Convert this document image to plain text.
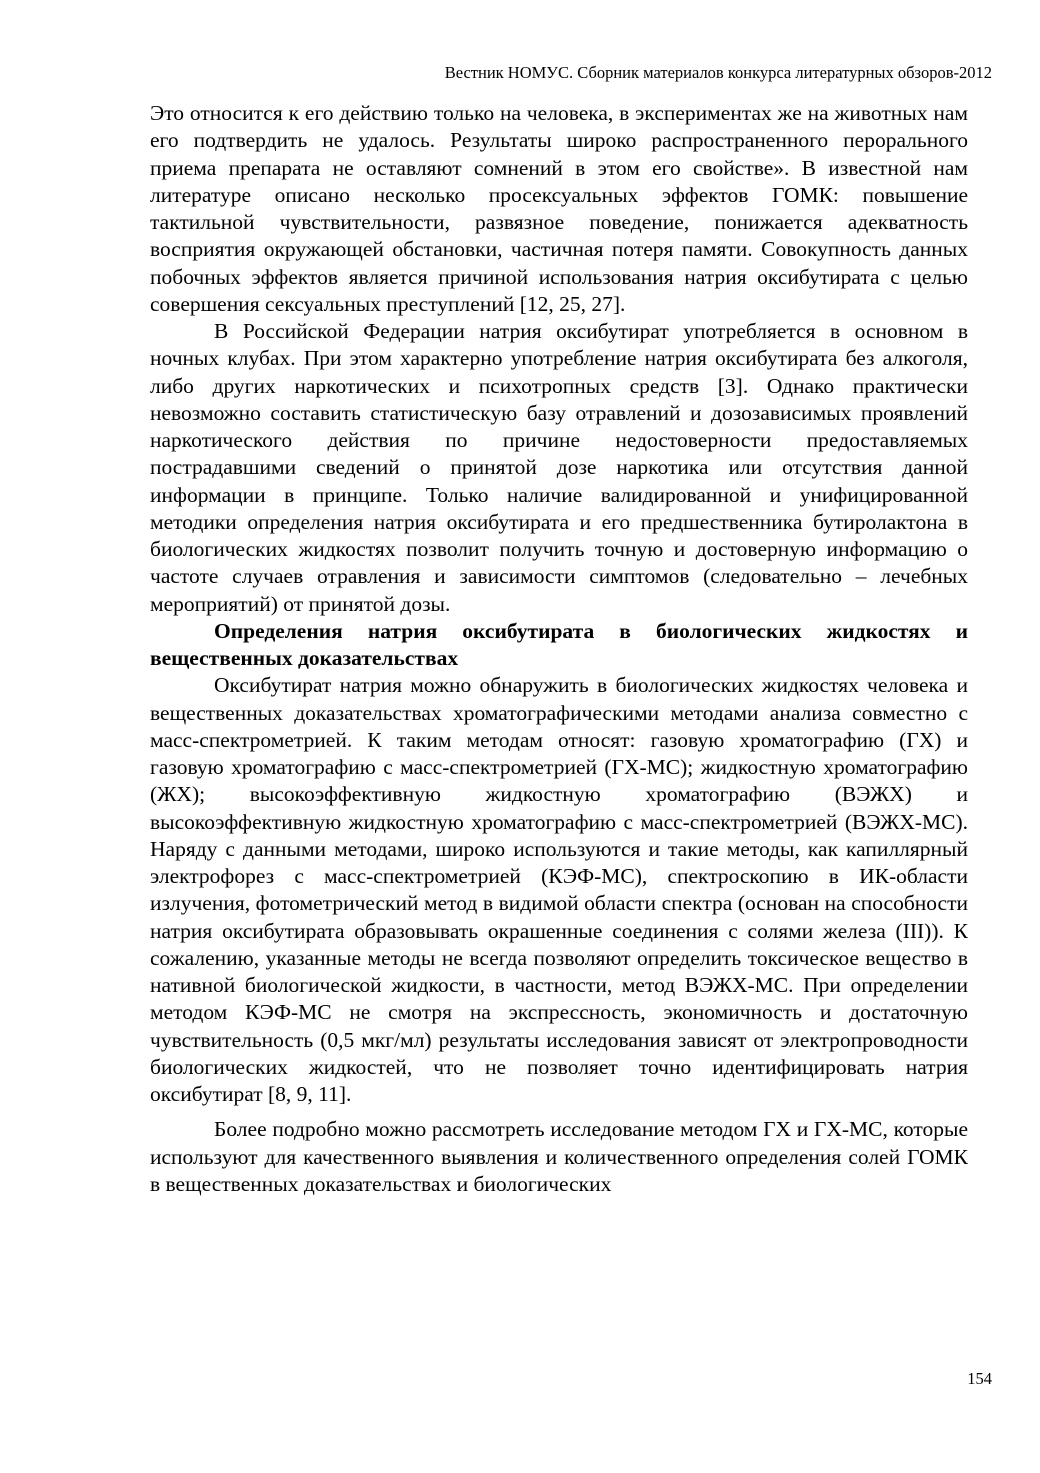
Вестник НОМУС. Сборник материалов конкурса литературных обзоров-2012

Это относится к его действию только на человека, в экспериментах же на животных нам его подтвердить не удалось. Результаты широко распространенного перорального приема препарата не оставляют сомнений в этом его свойстве». В известной нам литературе описано несколько просексуальных эффектов ГОМК: повышение тактильной чувствительности, развязное поведение, понижается адекватность восприятия окружающей обстановки, частичная потеря памяти. Совокупность данных побочных эффектов является причиной использования натрия оксибутирата с целью совершения сексуальных преступлений [12, 25, 27].

В Российской Федерации натрия оксибутират употребляется в основном в ночных клубах. При этом характерно употребление натрия оксибутирата без алкоголя, либо других наркотических и психотропных средств [3]. Однако практически невозможно составить статистическую базу отравлений и дозозависимых проявлений наркотического действия по причине недостоверности предоставляемых пострадавшими сведений о принятой дозе наркотика или отсутствия данной информации в принципе. Только наличие валидированной и унифицированной методики определения натрия оксибутирата и его предшественника бутиролактона в биологических жидкостях позволит получить точную и достоверную информацию о частоте случаев отравления и зависимости симптомов (следовательно – лечебных мероприятий) от принятой дозы.

Определения натрия оксибутирата в биологических жидкостях и вещественных доказательствах

Оксибутират натрия можно обнаружить в биологических жидкостях человека и вещественных доказательствах хроматографическими методами анализа совместно с масс-спектрометрией. К таким методам относят: газовую хроматографию (ГХ) и газовую хроматографию с масс-спектрометрией (ГХ-МС); жидкостную хроматографию (ЖХ); высокоэффективную жидкостную хроматографию (ВЭЖХ) и высокоэффективную жидкостную хроматографию с масс-спектрометрией (ВЭЖХ-МС). Наряду с данными методами, широко используются и такие методы, как капиллярный электрофорез с масс-спектрометрией (КЭФ-МС), спектроскопию в ИК-области излучения, фотометрический метод в видимой области спектра (основан на способности натрия оксибутирата образовывать окрашенные соединения с солями железа (III)). К сожалению, указанные методы не всегда позволяют определить токсическое вещество в нативной биологической жидкости, в частности, метод ВЭЖХ-МС. При определении методом КЭФ-МС не смотря на экспрессность, экономичность и достаточную чувствительность (0,5 мкг/мл) результаты исследования зависят от электропроводности биологических жидкостей, что не позволяет точно идентифицировать натрия оксибутират [8, 9, 11].

Более подробно можно рассмотреть исследование методом ГХ и ГХ-МС, которые используют для качественного выявления и количественного определения солей ГОМК в вещественных доказательствах и биологических

154
